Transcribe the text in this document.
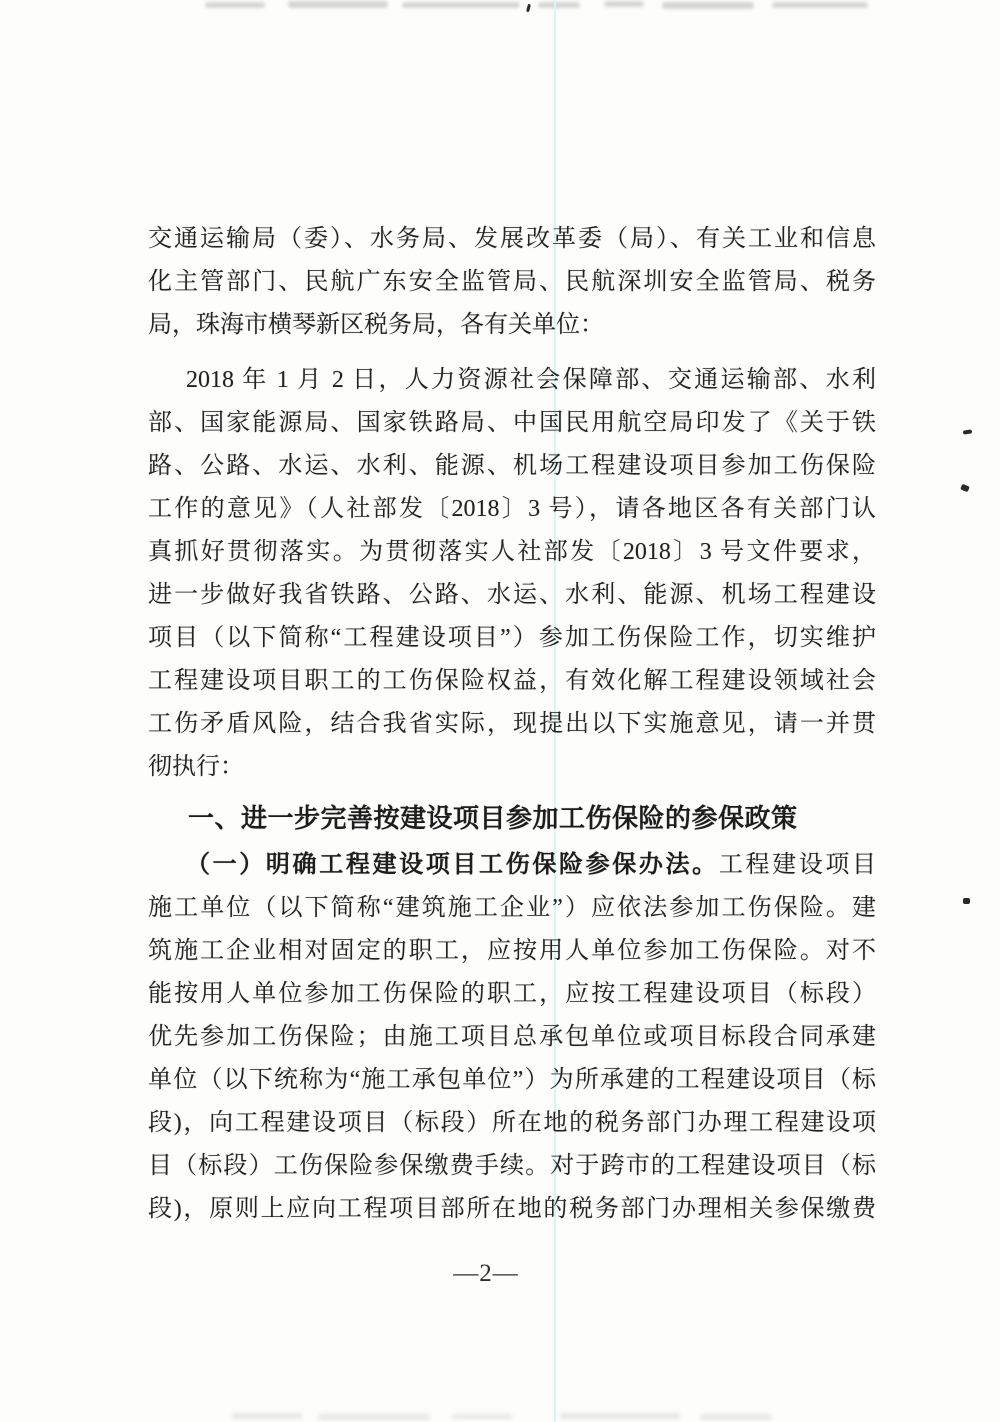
交通运输局（委）、水务局、发展改革委（局）、有关工业和信息
化主管部门、民航广东安全监管局、民航深圳安全监管局、税务
局，珠海市横琴新区税务局，各有关单位：
2018 年 1 月 2 日，人力资源社会保障部、交通运输部、水利
部、国家能源局、国家铁路局、中国民用航空局印发了《关于铁
路、公路、水运、水利、能源、机场工程建设项目参加工伤保险
工作的意见》（人社部发〔2018〕3 号），请各地区各有关部门认
真抓好贯彻落实。为贯彻落实人社部发〔2018〕3 号文件要求，
进一步做好我省铁路、公路、水运、水利、能源、机场工程建设
项目（以下简称“工程建设项目”）参加工伤保险工作，切实维护
工程建设项目职工的工伤保险权益，有效化解工程建设领域社会
工伤矛盾风险，结合我省实际，现提出以下实施意见，请一并贯
彻执行：
一、进一步完善按建设项目参加工伤保险的参保政策
（一）明确工程建设项目工伤保险参保办法。工程建设项目
施工单位（以下简称“建筑施工企业”）应依法参加工伤保险。建
筑施工企业相对固定的职工，应按用人单位参加工伤保险。对不
能按用人单位参加工伤保险的职工，应按工程建设项目（标段）
优先参加工伤保险；由施工项目总承包单位或项目标段合同承建
单位（以下统称为“施工承包单位”）为所承建的工程建设项目（标
段)，向工程建设项目（标段）所在地的税务部门办理工程建设项
目（标段）工伤保险参保缴费手续。对于跨市的工程建设项目（标
段)，原则上应向工程项目部所在地的税务部门办理相关参保缴费
—2—
